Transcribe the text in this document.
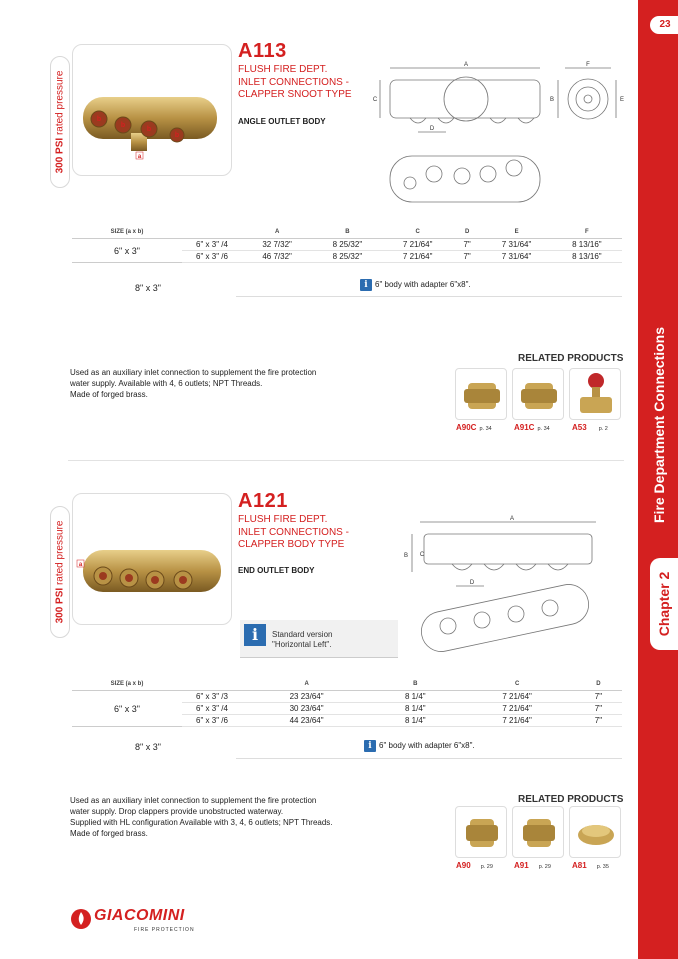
23
Fire Department Connections
Chapter 2
300 PSI rated pressure	b
b
b
b
a
A113
FLUSH FIRE DEPT.
INLET CONNECTIONS -
CLAPPER SNOOT TYPE
ANGLE OUTLET BODY
A
C
D
F
B	E
SIZE (a x b)		A	B	C	D	E	F
6" x 3"	6" x 3" /4	32 7/32"	8 25/32"	7 21/64"	7"	7 31/64"	8 13/16"
	6" x 3" /6	46 7/32"	8 25/32"	7 21/64"	7"	7 31/64"	8 13/16"
8" x 3"	i 6" body with adapter 6"x8".
Used as an auxiliary inlet connection to supplement the fire protection
water supply. Available with 4, 6 outlets; NPT Threads.
Made of forged brass.
RELATED PRODUCTS
A90C p. 34	A91C p. 34	A53 p. 2
300 PSI rated pressure a
A121
FLUSH FIRE DEPT.
INLET CONNECTIONS -
CLAPPER BODY TYPE
END OUTLET BODY
i	Standard version
"Horizontal Left".
A
B C
D
SIZE (a x b)		A	B	C	D
6" x 3"	6" x 3" /3	23 23/64"	8 1/4"	7 21/64"	7"
	6" x 3" /4	30 23/64"	8 1/4"	7 21/64"	7"
	6" x 3" /6	44 23/64"	8 1/4"	7 21/64"	7"
8" x 3"	i 6" body with adapter 6"x8".
Used as an auxiliary inlet connection to supplement the fire protection
water supply. Drop clappers provide unobstructed waterway.
Supplied with HL configuration Available with 3, 4, 6 outlets; NPT Threads.
Made of forged brass.
RELATED PRODUCTS
A90 p. 29	A91 p. 29	A81 p. 35
GIACOMINI
FIRE PROTECTION
